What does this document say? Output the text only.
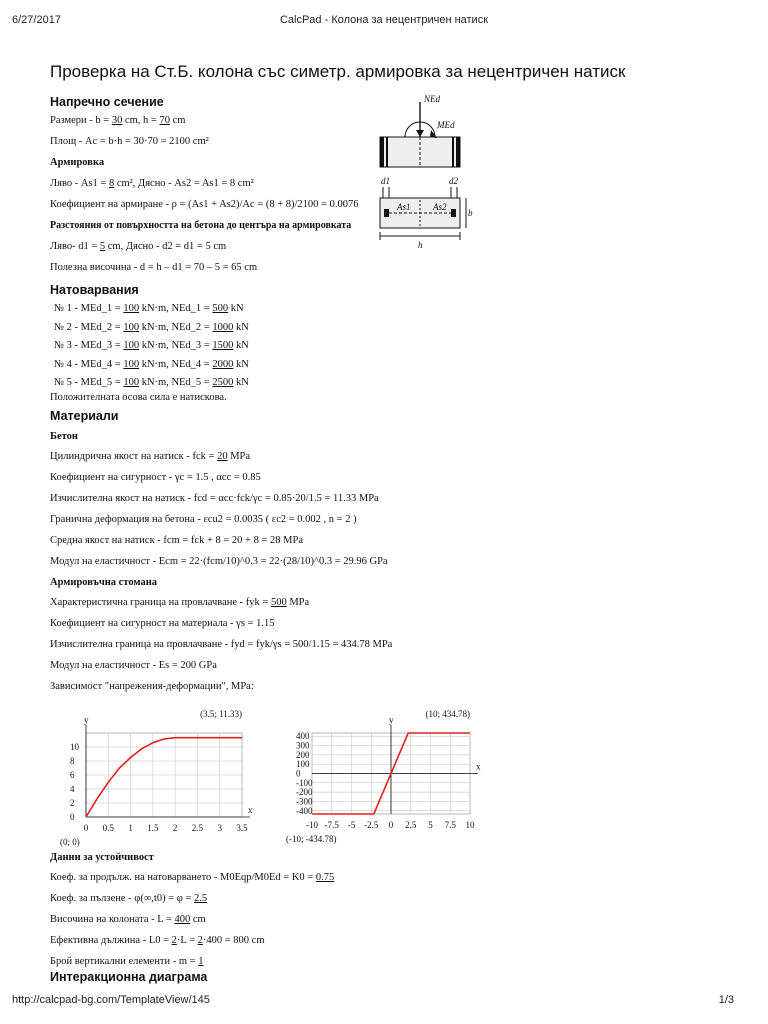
6/27/2017	CalcPad - Колона за нецентричен натиск
http://calcpad-bg.com/TemplateView/145	1/3
Проверка на Ст.Б. колона със симетр. армировка за нецентричен натиск
Напречно сечение
Размери - b = 30 cm, h = 70 cm
Площ - Ac = b·h = 30·70 = 2100 cm²
Армировка
Ляво - As1 = 8 cm², Дясно - As2 = As1 = 8 cm²
Коефициент на армиране - ρ = (As1 + As2)/Ac = (8 + 8)/2100 = 0.0076
Разстояния от повърхността на бетона до центъра на армировката
Ляво- d1 = 5 cm, Дясно - d2 = d1 = 5 cm
Полезна височина - d = h – d1 = 70 – 5 = 65 cm
NEd
MEd
d1	d2
As1	As2
b
h
Натоварвания
№ 1 - MEd_1 = 100 kN·m, NEd_1 = 500 kN
№ 2 - MEd_2 = 100 kN·m, NEd_2 = 1000 kN
№ 3 - MEd_3 = 100 kN·m, NEd_3 = 1500 kN
№ 4 - MEd_4 = 100 kN·m, NEd_4 = 2000 kN
№ 5 - MEd_5 = 100 kN·m, NEd_5 = 2500 kN
Положителната осова сила е натискова.
Материали
Бетон
Цилиндрична якост на натиск - fck = 20 MPa
Коефициент на сигурност - γc = 1.5 , αcc = 0.85
Изчислителна якост на натиск - fcd = αcc·fck/γc = 0.85·20/1.5 = 11.33 MPa
Гранична деформация на бетона - εcu2 = 0.0035 ( εc2 = 0.002 , n = 2 )
Средна якост на натиск - fcm = fck + 8 = 20 + 8 = 28 MPa
Модул на еластичност - Ecm = 22·(fcm/10)^0.3 = 22·(28/10)^0.3 = 29.96 GPa
Армировъчна стомана
Характеристична граница на провлачване - fyk = 500 MPa
Коефициент на сигурност на материала - γs = 1.15
Изчислителна граница на провлачване - fyd = fyk/γs = 500/1.15 = 434.78 MPa
Модул на еластичност - Es = 200 GPa
Зависимост "напрежения-деформации", MPa:
0 0.5 1 1.5 2 2.5 3 3.5
0
2
4
6
8
10
y
x
(3.5; 11.33)
(0; 0)
-10 -7.5 -5 -2.5 0 2.5 5 7.5 10
400
300
200
100
0
-100
-200
-300
-400
y
x
(10; 434.78)
(-10; -434.78)
Данни за устойчивост
Коеф. за продълж. на натоварването - M0Eqp/M0Ed = K0 = 0.75
Коеф. за пълзене - φ(∞,t0) = φ = 2.5
Височина на колоната - L = 400 cm
Ефективна дължина - L0 = 2·L = 2·400 = 800 cm
Брой вертикални елементи - m = 1
Интеракционна диаграма
